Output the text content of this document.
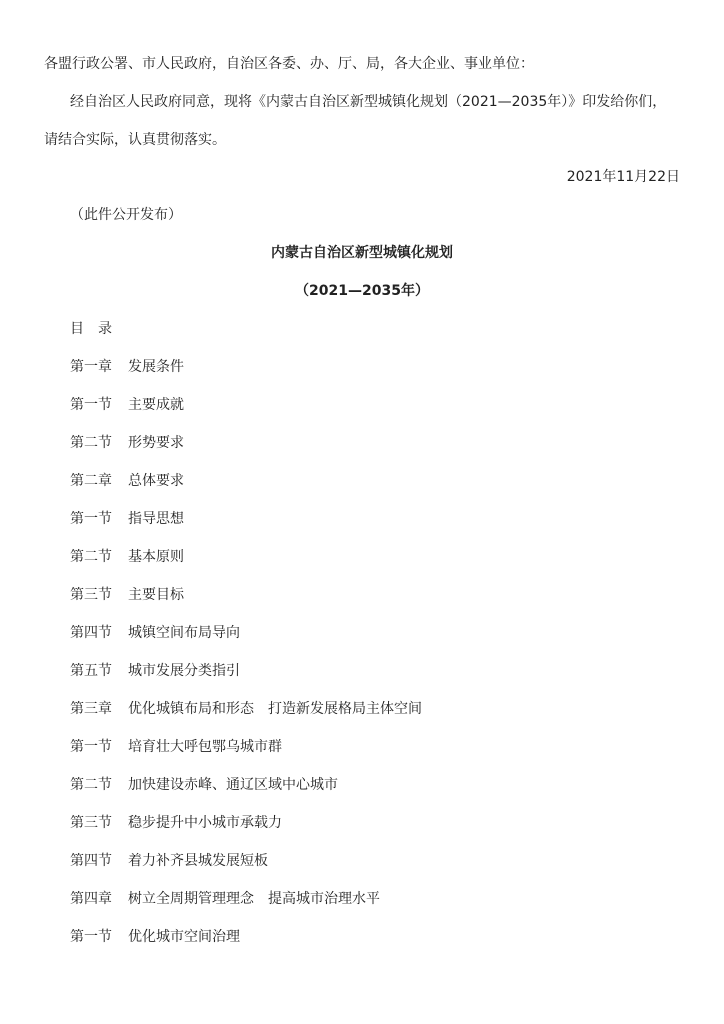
各盟行政公署、市人民政府，自治区各委、办、厅、局，各大企业、事业单位：
经自治区人民政府同意，现将《内蒙古自治区新型城镇化规划（2021—2035年）》印发给你们，
请结合实际，认真贯彻落实。
2021年11月22日
（此件公开发布）
内蒙古自治区新型城镇化规划
（2021—2035年）
目 录
第一章 发展条件
第一节 主要成就
第二节 形势要求
第二章 总体要求
第一节 指导思想
第二节 基本原则
第三节 主要目标
第四节 城镇空间布局导向
第五节 城市发展分类指引
第三章 优化城镇布局和形态　打造新发展格局主体空间
第一节 培育壮大呼包鄂乌城市群
第二节 加快建设赤峰、通辽区域中心城市
第三节 稳步提升中小城市承载力
第四节 着力补齐县城发展短板
第四章 树立全周期管理理念　提高城市治理水平
第一节 优化城市空间治理
